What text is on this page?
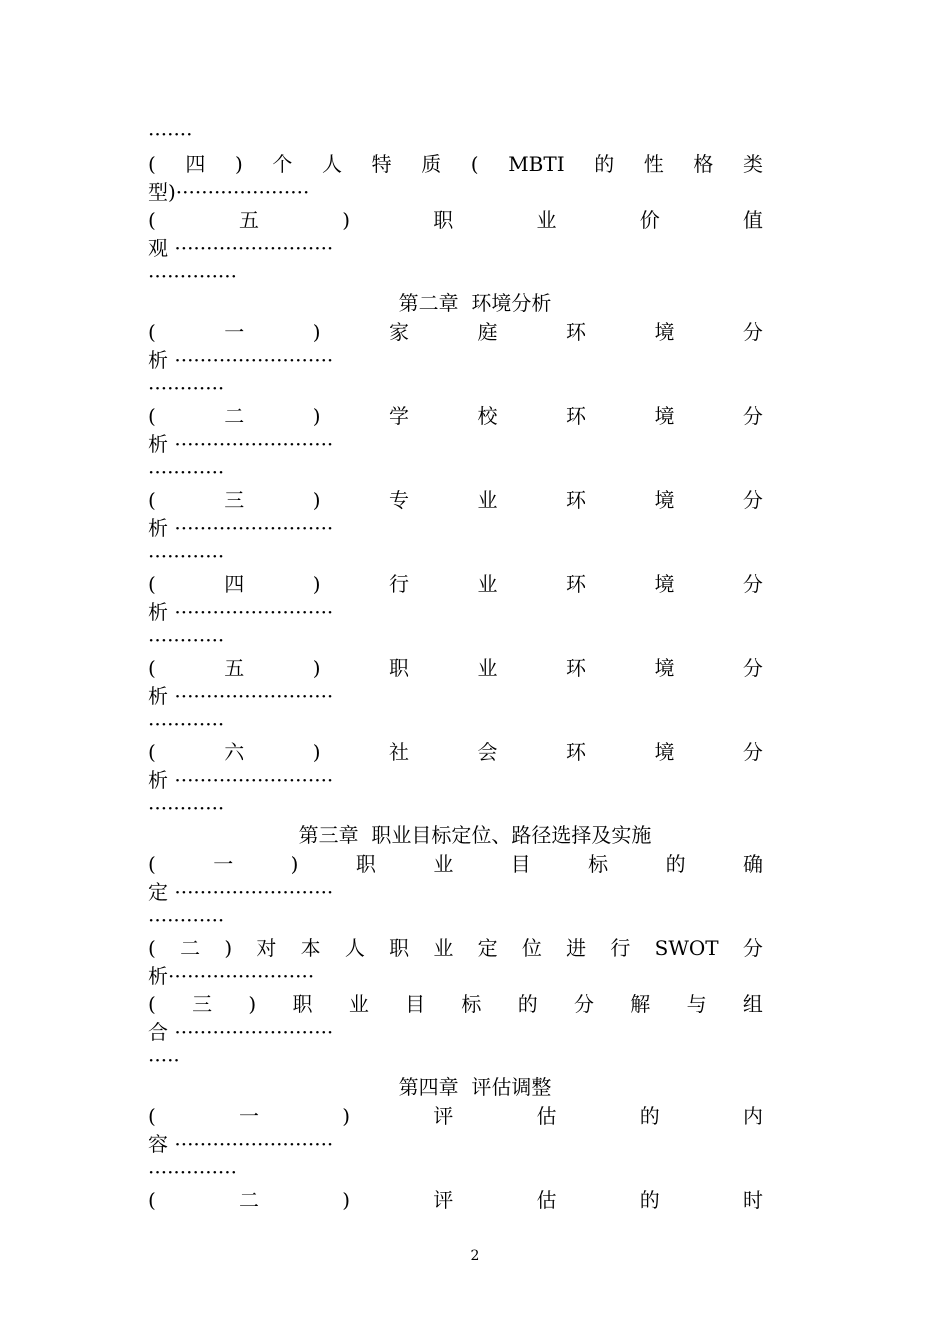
· · · · · · ·
( 四 ) 个 人 特 质 ( MBTI 的 性 格 类
型)·····················
(	五	)	职	业	价	值
观 ·························
··············
第二章  环境分析
(	一	)	家	庭	环	境	分
析 ·························
············
(	二	)	学	校	环	境	分
析 ·························
············
(	三	)	专	业	环	境	分
析 ·························
············
(	四	)	行	业	环	境	分
析 ·························
············
(	五	)	职	业	环	境	分
析 ·························
············
(	六	)	社	会	环	境	分
析 ·························
············
第三章  职业目标定位、路径选择及实施
(	一	)	职	业	目	标	的	确
定 ·························
············
( 二 ) 对 本 人 职 业 定 位 进 行 SWOT 分
析·······················
( 三 ) 职 业 目 标 的 分 解 与 组
合 ·························
·····
第四章  评估调整
(	一	)	评	估	的	内
容 ·························
··············
(	二	)	评	估	的	时
2
